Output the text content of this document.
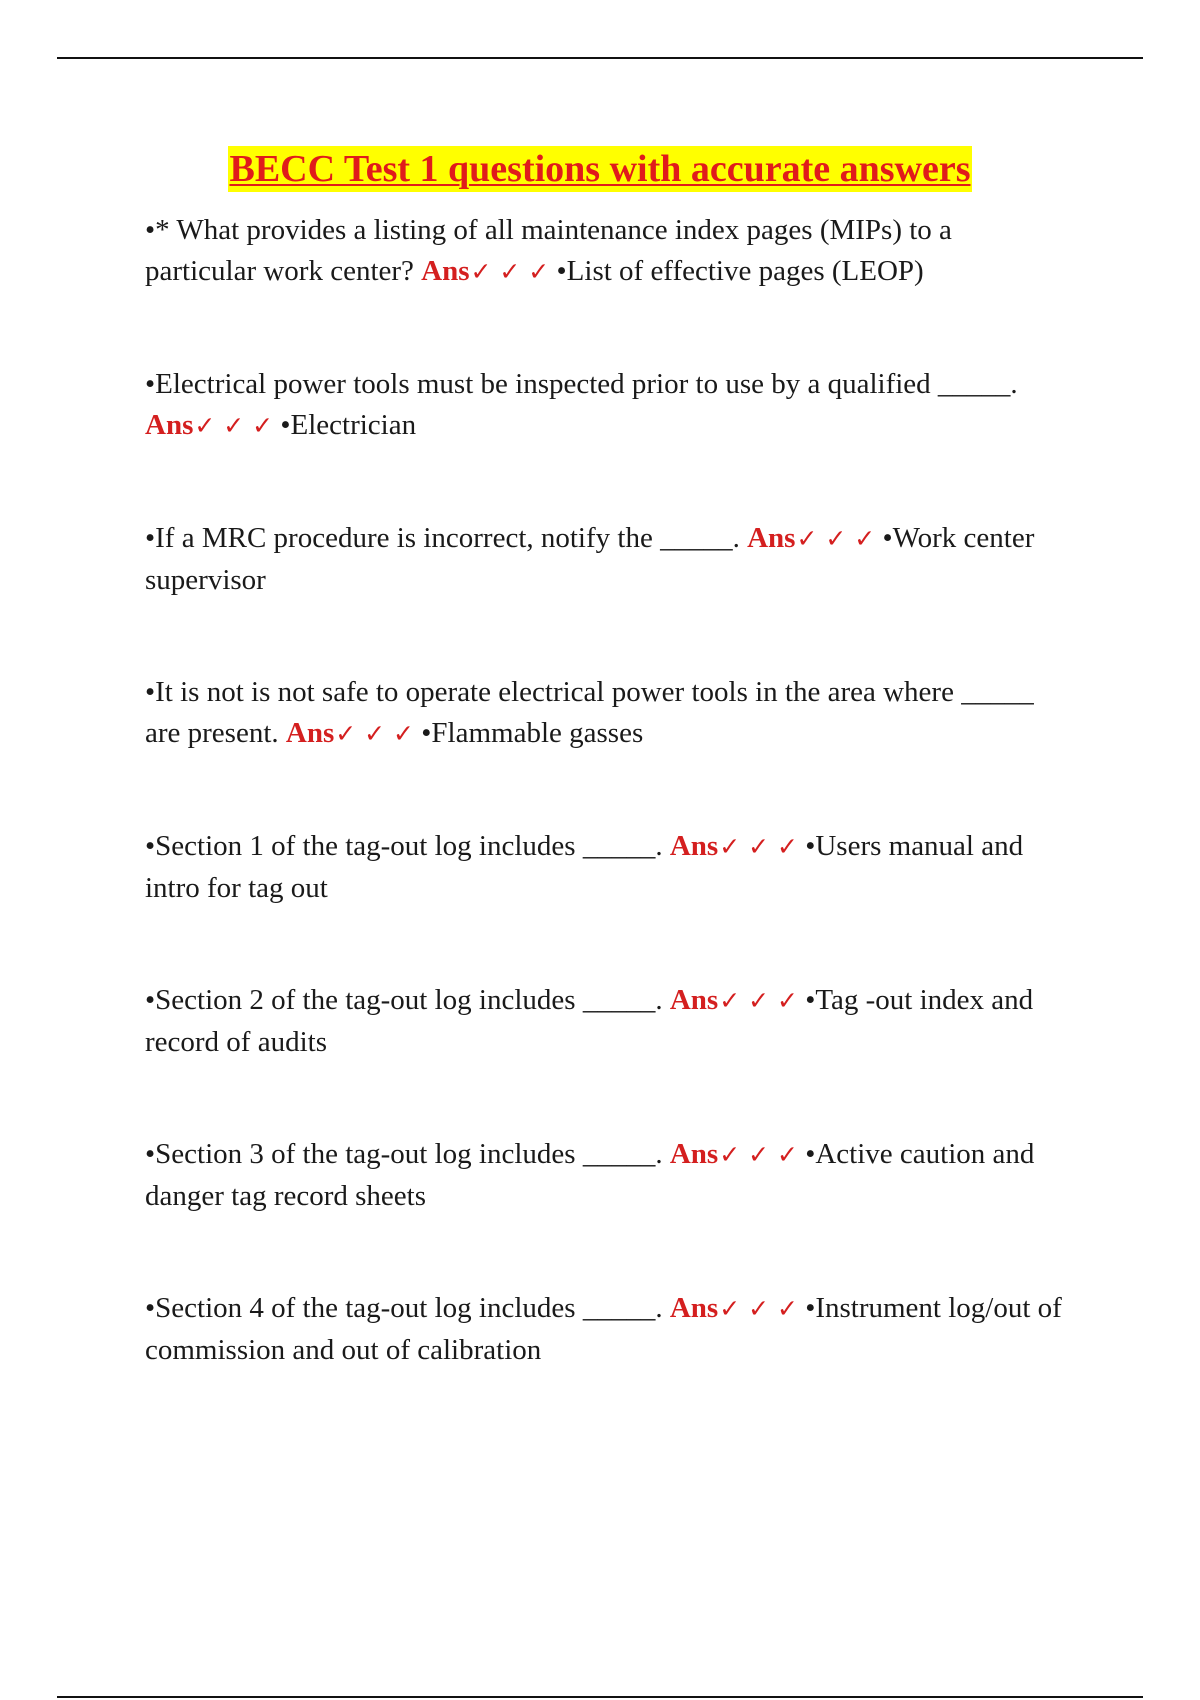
BECC Test 1 questions with accurate answers

•* What provides a listing of all maintenance index pages (MIPs) to a particular work center? Ans✓ ✓ ✓ •List of effective pages (LEOP)

•Electrical power tools must be inspected prior to use by a qualified _____. Ans✓ ✓ ✓ •Electrician

•If a MRC procedure is incorrect, notify the _____. Ans✓ ✓ ✓ •Work center supervisor

•It is not is not safe to operate electrical power tools in the area where _____ are present. Ans✓ ✓ ✓ •Flammable gasses

•Section 1 of the tag-out log includes _____. Ans✓ ✓ ✓ •Users manual and intro for tag out

•Section 2 of the tag-out log includes _____. Ans✓ ✓ ✓ •Tag -out index and record of audits

•Section 3 of the tag-out log includes _____. Ans✓ ✓ ✓ •Active caution and danger tag record sheets

•Section 4 of the tag-out log includes _____. Ans✓ ✓ ✓ •Instrument log/out of commission and out of calibration
